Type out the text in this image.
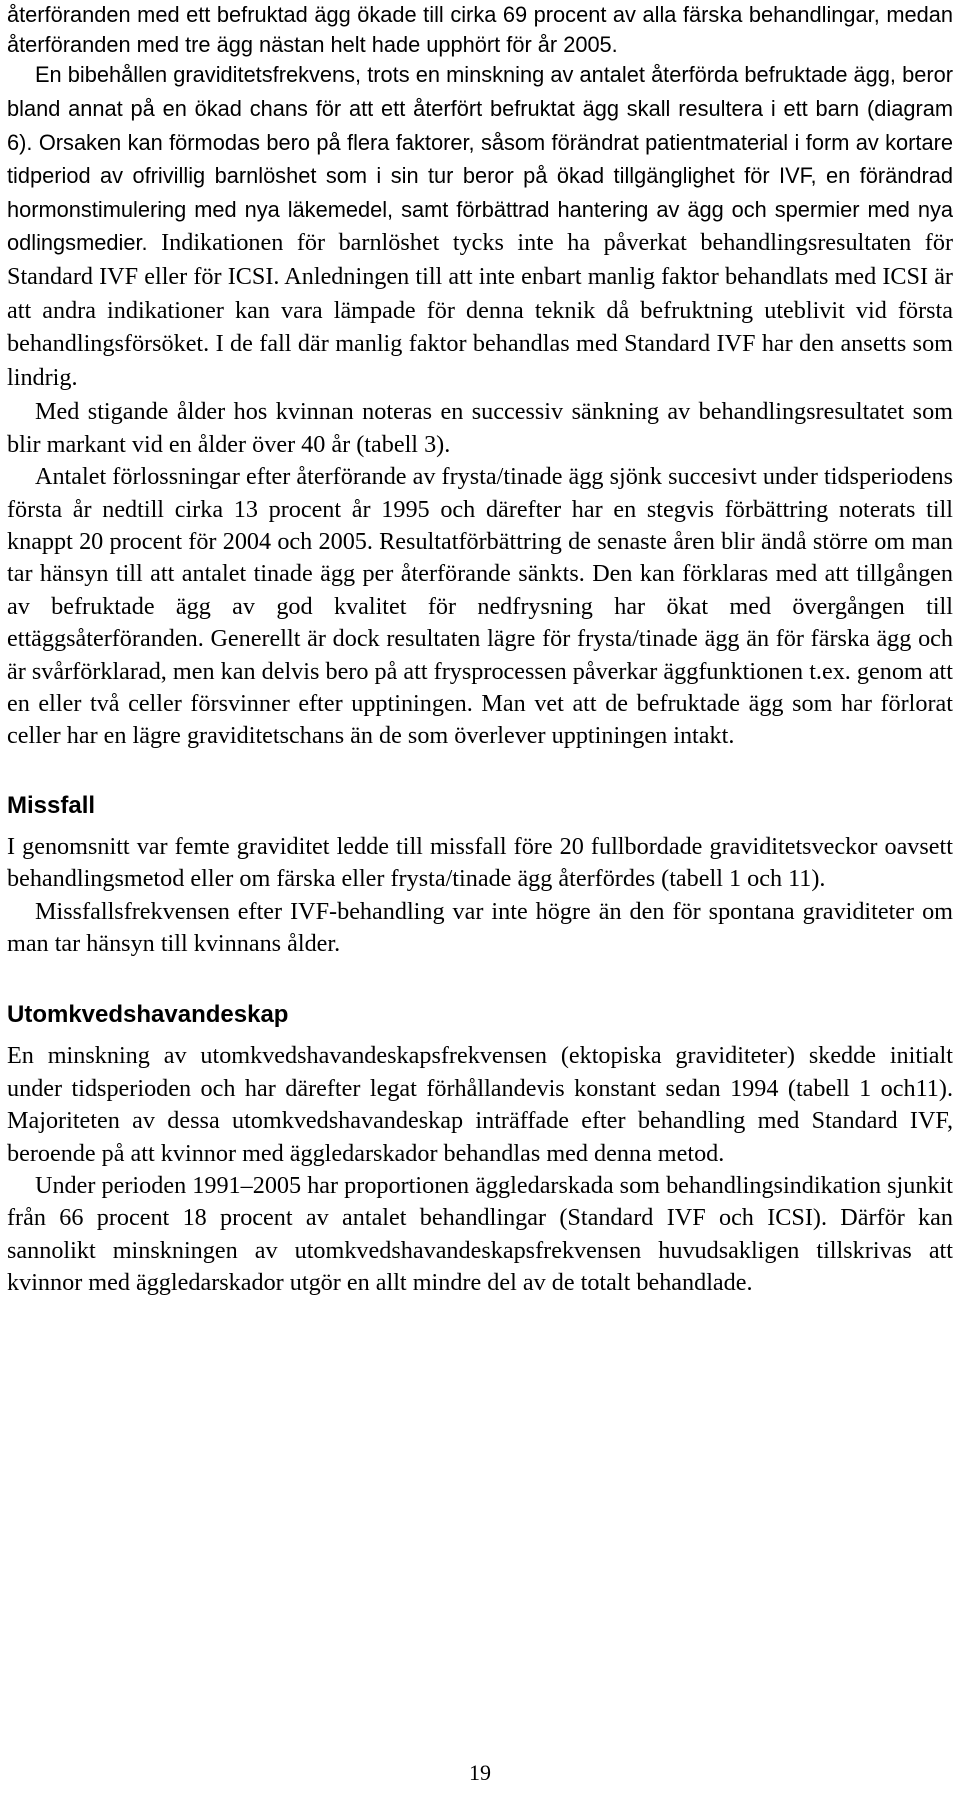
återföranden med ett befruktad ägg ökade till cirka 69 procent av alla färska behandlingar, medan återföranden med tre ägg nästan helt hade upphört för år 2005.

En bibehållen graviditetsfrekvens, trots en minskning av antalet återförda befruktade ägg, beror bland annat på en ökad chans för att ett återfört befruktat ägg skall resultera i ett barn (diagram 6). Orsaken kan förmodas bero på flera faktorer, såsom förändrat patientmaterial i form av kortare tidperiod av ofrivillig barnlöshet som i sin tur beror på ökad tillgänglighet för IVF, en förändrad hormonstimulering med nya läkemedel, samt förbättrad hantering av ägg och spermier med nya odlingsmedier. Indikationen för barnlöshet tycks inte ha påverkat behandlingsresultaten för Standard IVF eller för ICSI. Anledningen till att inte enbart manlig faktor behandlats med ICSI är att andra indikationer kan vara lämpade för denna teknik då befruktning uteblivit vid första behandlingsförsöket. I de fall där manlig faktor behandlas med Standard IVF har den ansetts som lindrig.

Med stigande ålder hos kvinnan noteras en successiv sänkning av behandlingsresultatet som blir markant vid en ålder över 40 år (tabell 3).

Antalet förlossningar efter återförande av frysta/tinade ägg sjönk succesivt under tidsperiodens första år nedtill cirka 13 procent år 1995 och därefter har en stegvis förbättring noterats till knappt 20 procent för 2004 och 2005. Resultatförbättring de senaste åren blir ändå större om man tar hänsyn till att antalet tinade ägg per återförande sänkts. Den kan förklaras med att tillgången av befruktade ägg av god kvalitet för nedfrysning har ökat med övergången till ettäggsåterföranden. Generellt är dock resultaten lägre för frysta/tinade ägg än för färska ägg och är svårförklarad, men kan delvis bero på att frysprocessen påverkar äggfunktionen t.ex. genom att en eller två celler försvinner efter upptiningen. Man vet att de befruktade ägg som har förlorat celler har en lägre graviditetschans än de som överlever upptiningen intakt.

Missfall

I genomsnitt var femte graviditet ledde till missfall före 20 fullbordade graviditetsveckor oavsett behandlingsmetod eller om färska eller frysta/tinade ägg återfördes (tabell 1 och 11).

Missfallsfrekvensen efter IVF-behandling var inte högre än den för spontana graviditeter om man tar hänsyn till kvinnans ålder.

Utomkvedshavandeskap

En minskning av utomkvedshavandeskapsfrekvensen (ektopiska graviditeter) skedde initialt under tidsperioden och har därefter legat förhållandevis konstant sedan 1994 (tabell 1 och11). Majoriteten av dessa utomkvedshavandeskap inträffade efter behandling med Standard IVF, beroende på att kvinnor med äggledarskador behandlas med denna metod.

Under perioden 1991–2005 har proportionen äggledarskada som behandlingsindikation sjunkit från 66 procent 18 procent av antalet behandlingar (Standard IVF och ICSI). Därför kan sannolikt minskningen av utomkvedshavandeskapsfrekvensen huvudsakligen tillskrivas att kvinnor med äggledarskador utgör en allt mindre del av de totalt behandlade.

19
